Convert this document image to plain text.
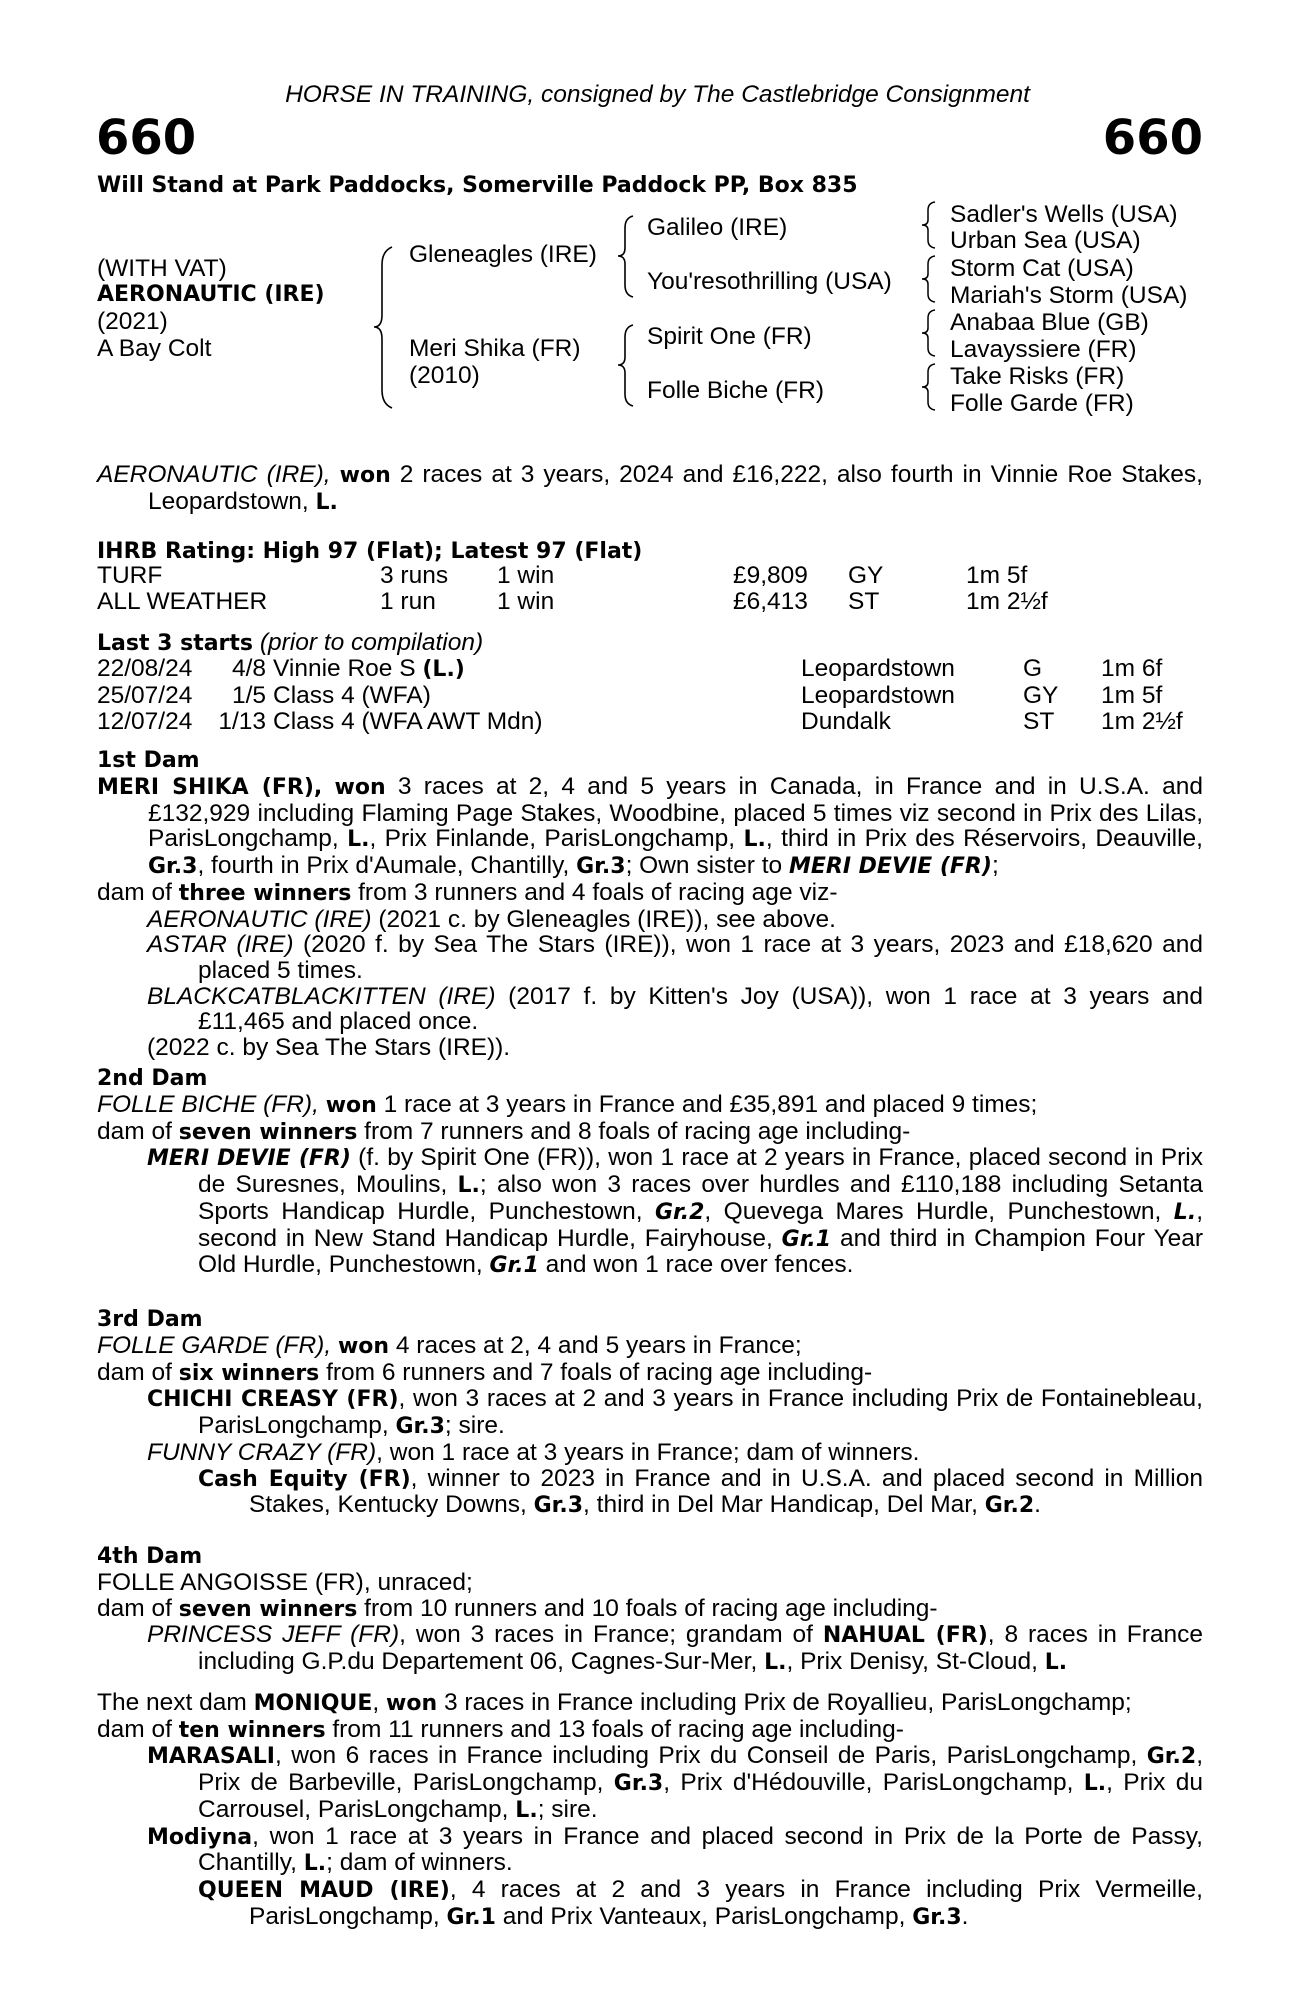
HORSE IN TRAINING, consigned by The Castlebridge Consignment
660	660
Will Stand at Park Paddocks, Somerville Paddock PP, Box 835
(WITH VAT)
AERONAUTIC (IRE)
(2021)
A Bay Colt
Gleneagles (IRE)
Meri Shika (FR)
(2010)
Galileo (IRE)
You'resothrilling (USA)
Spirit One (FR)
Folle Biche (FR)
Sadler's Wells (USA)
Urban Sea (USA)
Storm Cat (USA)
Mariah's Storm (USA)
Anabaa Blue (GB)
Lavayssiere (FR)
Take Risks (FR)
Folle Garde (FR)

AERONAUTIC (IRE), won 2 races at 3 years, 2024 and £16,222, also fourth in Vinnie Roe Stakes, Leopardstown, L.

IHRB Rating: High 97 (Flat); Latest 97 (Flat)
TURF	3 runs	1 win	£9,809	GY	1m 5f
ALL WEATHER	1 run	1 win	£6,413	ST	1m 2½f
Last 3 starts (prior to compilation)
22/08/24	4/8	Vinnie Roe S (L.)	Leopardstown	G	1m 6f
25/07/24	1/5	Class 4 (WFA)	Leopardstown	GY	1m 5f
12/07/24	1/13	Class 4 (WFA AWT Mdn)	Dundalk	ST	1m 2½f
1st Dam

MERI SHIKA (FR), won 3 races at 2, 4 and 5 years in Canada, in France and in U.S.A. and £132,929 including Flaming Page Stakes, Woodbine, placed 5 times viz second in Prix des Lilas, ParisLongchamp, L., Prix Finlande, ParisLongchamp, L., third in Prix des Réservoirs, Deauville, Gr.3, fourth in Prix d'Aumale, Chantilly, Gr.3; Own sister to MERI DEVIE (FR);

dam of three winners from 3 runners and 4 foals of racing age viz-

AERONAUTIC (IRE) (2021 c. by Gleneagles (IRE)), see above.

ASTAR (IRE) (2020 f. by Sea The Stars (IRE)), won 1 race at 3 years, 2023 and £18,620 and placed 5 times.

BLACKCATBLACKITTEN (IRE) (2017 f. by Kitten's Joy (USA)), won 1 race at 3 years and £11,465 and placed once.

(2022 c. by Sea The Stars (IRE)).

2nd Dam

FOLLE BICHE (FR), won 1 race at 3 years in France and £35,891 and placed 9 times;

dam of seven winners from 7 runners and 8 foals of racing age including-

MERI DEVIE (FR) (f. by Spirit One (FR)), won 1 race at 2 years in France, placed second in Prix de Suresnes, Moulins, L.; also won 3 races over hurdles and £110,188 including Setanta Sports Handicap Hurdle, Punchestown, Gr.2, Quevega Mares Hurdle, Punchestown, L., second in New Stand Handicap Hurdle, Fairyhouse, Gr.1 and third in Champion Four Year Old Hurdle, Punchestown, Gr.1 and won 1 race over fences.

3rd Dam

FOLLE GARDE (FR), won 4 races at 2, 4 and 5 years in France;

dam of six winners from 6 runners and 7 foals of racing age including-

CHICHI CREASY (FR), won 3 races at 2 and 3 years in France including Prix de Fontainebleau, ParisLongchamp, Gr.3; sire.

FUNNY CRAZY (FR), won 1 race at 3 years in France; dam of winners.

Cash Equity (FR), winner to 2023 in France and in U.S.A. and placed second in Million Stakes, Kentucky Downs, Gr.3, third in Del Mar Handicap, Del Mar, Gr.2.

4th Dam

FOLLE ANGOISSE (FR), unraced;

dam of seven winners from 10 runners and 10 foals of racing age including-

PRINCESS JEFF (FR), won 3 races in France; grandam of NAHUAL (FR), 8 races in France including G.P.du Departement 06, Cagnes-Sur-Mer, L., Prix Denisy, St-Cloud, L.

The next dam MONIQUE, won 3 races in France including Prix de Royallieu, ParisLongchamp;

dam of ten winners from 11 runners and 13 foals of racing age including-

MARASALI, won 6 races in France including Prix du Conseil de Paris, ParisLongchamp, Gr.2, Prix de Barbeville, ParisLongchamp, Gr.3, Prix d'Hédouville, ParisLongchamp, L., Prix du Carrousel, ParisLongchamp, L.; sire.

Modiyna, won 1 race at 3 years in France and placed second in Prix de la Porte de Passy, Chantilly, L.; dam of winners.

QUEEN MAUD (IRE), 4 races at 2 and 3 years in France including Prix Vermeille, ParisLongchamp, Gr.1 and Prix Vanteaux, ParisLongchamp, Gr.3.
